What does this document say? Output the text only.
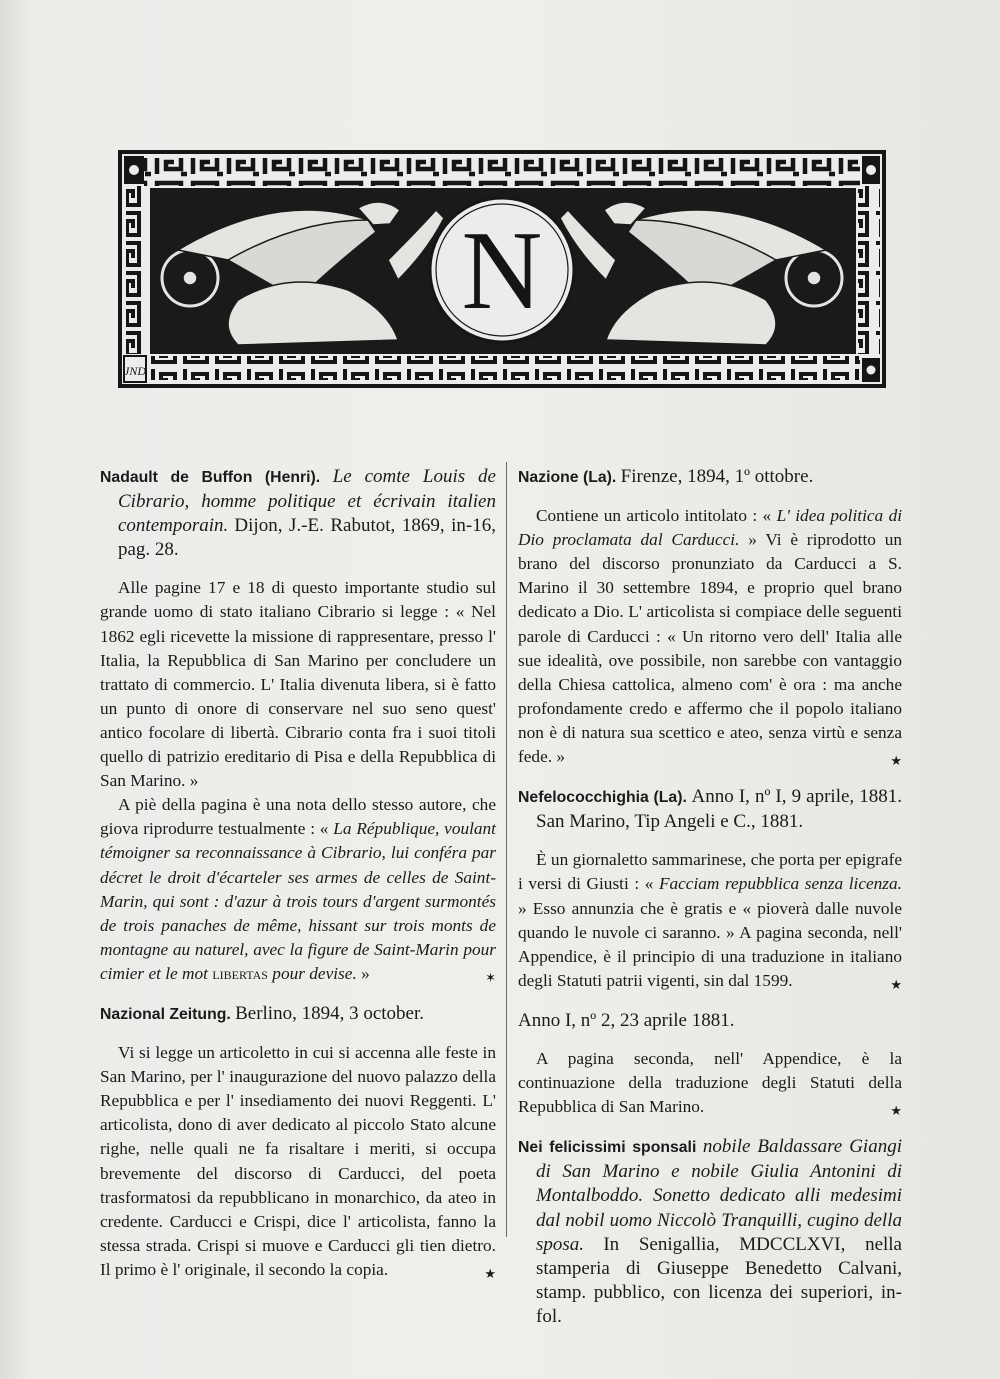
JND
N
Nadault de Buffon (Henri). Le comte Louis de Cibrario, homme politique et écrivain italien contemporain. Dijon, J.-E. Rabutot, 1869, in-16, pag. 28.

Alle pagine 17 e 18 di questo importante studio sul grande uomo di stato italiano Cibrario si legge : « Nel 1862 egli ricevette la missione di rappresentare, presso l' Italia, la Repubblica di San Marino per concludere un trattato di commercio. L' Italia divenuta libera, si è fatto un punto di onore di conservare nel suo seno quest' antico focolare di libertà. Cibrario conta fra i suoi titoli quello di patrizio ereditario di Pisa e della Repubblica di San Marino. »

A piè della pagina è una nota dello stesso autore, che giova riprodurre testualmente : « La République, voulant témoigner sa reconnaissance à Cibrario, lui conféra par décret le droit d'écarteler ses armes de celles de Saint-Marin, qui sont : d'azur à trois tours d'argent surmontés de trois panaches de même, hissant sur trois monts de montagne au naturel, avec la figure de Saint-Marin pour cimier et le mot libertas pour devise. »	✶

Nazional Zeitung. Berlino, 1894, 3 october.

Vi si legge un articoletto in cui si accenna alle feste in San Marino, per l' inaugurazione del nuovo palazzo della Repubblica e per l' insediamento dei nuovi Reggenti. L' articolista, dono di aver dedicato al piccolo Stato alcune righe, nelle quali ne fa risaltare i meriti, si occupa brevemente del discorso di Carducci, del poeta trasformatosi da repubblicano in monarchico, da ateo in credente. Carducci e Crispi, dice l' articolista, fanno la stessa strada. Crispi si muove e Carducci gli tien dietro. Il primo è l' originale, il secondo la copia.	★

Nazione (La). Firenze, 1894, 1º ottobre.

Contiene un articolo intitolato : « L' idea politica di Dio proclamata dal Carducci. » Vi è riprodotto un brano del discorso pronunziato da Carducci a S. Marino il 30 settembre 1894, e proprio quel brano dedicato a Dio. L' articolista si compiace delle seguenti parole di Carducci : « Un ritorno vero dell' Italia alle sue idealità, ove possibile, non sarebbe con vantaggio della Chiesa cattolica, almeno com' è ora : ma anche profondamente credo e affermo che il popolo italiano non è di natura sua scettico e ateo, senza virtù e senza fede. »	★

Nefelococchighia (La). Anno I, nº I, 9 aprile, 1881. San Marino, Tip Angeli e C., 1881.

È un giornaletto sammarinese, che porta per epigrafe i versi di Giusti : « Facciam repubblica senza licenza. » Esso annunzia che è gratis e « pioverà dalle nuvole quando le nuvole ci saranno. » A pagina seconda, nell' Appendice, è il principio di una traduzione in italiano degli Statuti patrii vigenti, sin dal 1599.	★

Anno I, nº 2, 23 aprile 1881.

A pagina seconda, nell' Appendice, è la continuazione della traduzione degli Statuti della Repubblica di San Marino.	★

Nei felicissimi sponsali nobile Baldassare Giangi di San Marino e nobile Giulia Antonini di Montalboddo. Sonetto dedicato alli medesimi dal nobil uomo Niccolò Tranquilli, cugino della sposa. In Senigallia, MDCCLXVI, nella stamperia di Giuseppe Benedetto Calvani, stamp. pubblico, con licenza dei superiori, in-fol.
